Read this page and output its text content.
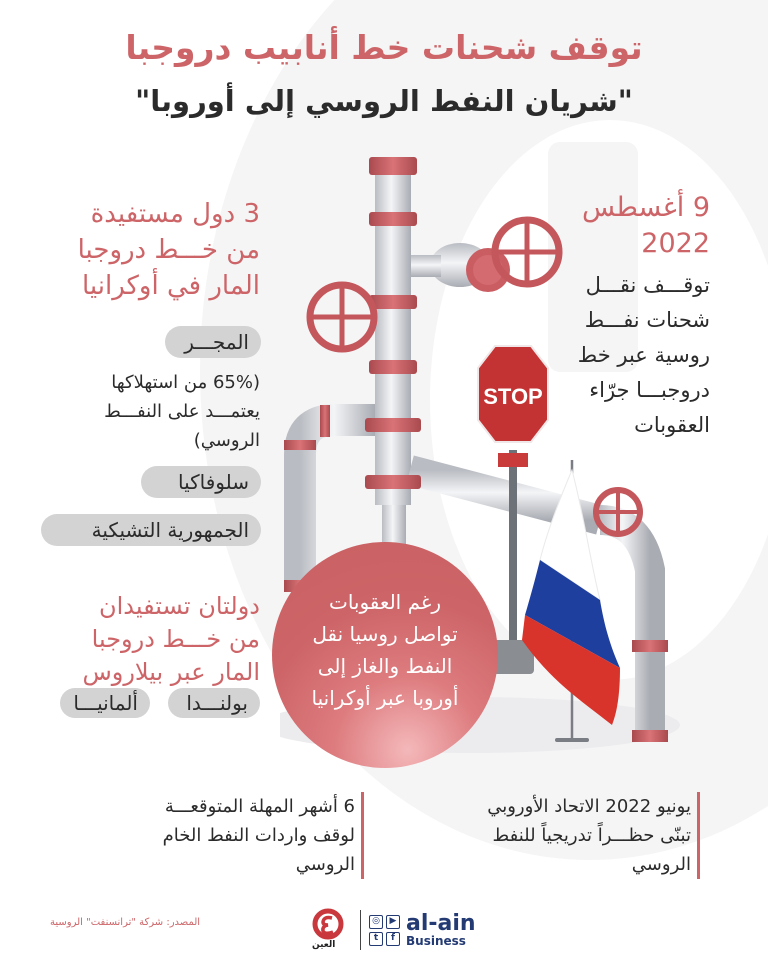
توقف شحنات خط أنابيب دروجبا
"شريان النفط الروسي إلى أوروبا"
STOP
3 دول مستفيدة
من خـــط دروجبا
المار في أوكرانيا
المجـــر
(65% من استهلاكها
يعتمـــد على النفـــط
الروسي)
سلوفاكيا
الجمهورية التشيكية
دولتان تستفيدان
من خـــط دروجبا
المار عبر بيلاروس
بولنـــدا
ألمانيـــا
9 أغسطس
2022
توقـــف نقـــل
شحنات نفـــط
روسية عبر خط
دروجبـــا جرّاء
العقوبات
رغم العقوبات
تواصل روسيا نقل
النفط والغاز إلى
أوروبا عبر أوكرانيا
يونيو 2022 الاتحاد الأوروبي
تبنّى حظـــراً تدريجياً للنفط
الروسي
6 أشهر المهلة المتوقعـــة
لوقف واردات النفط الخام
الروسي
المصدر: شركة "ترانسنفت" الروسية
العين
◎	▶
t	f
al-ain
Business
